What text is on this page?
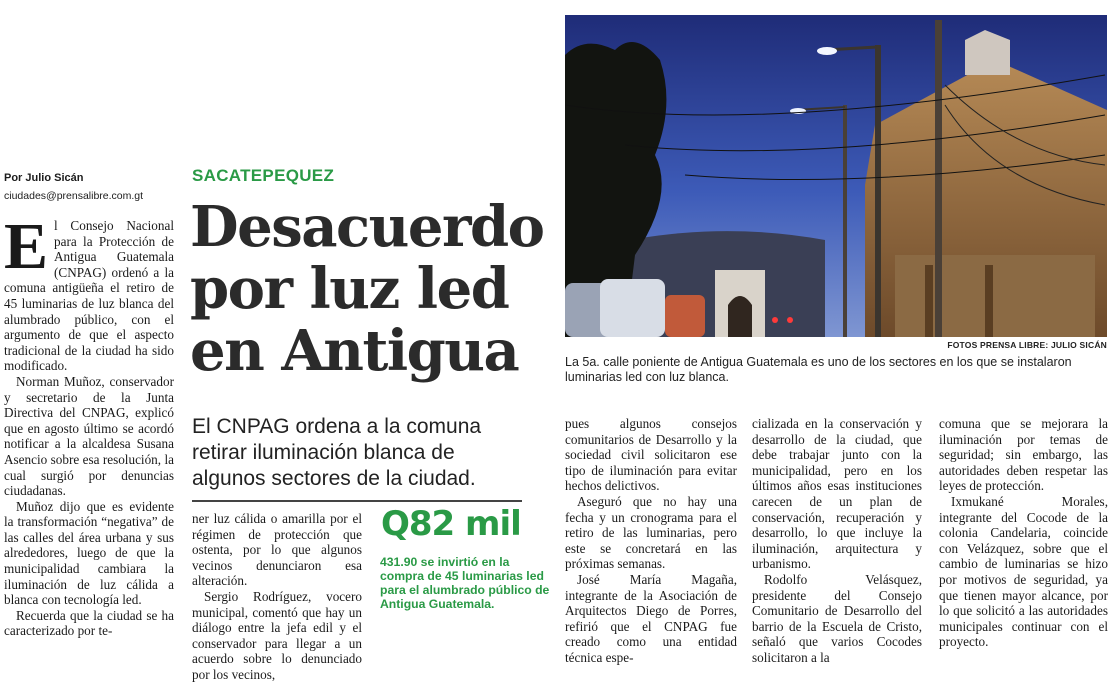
Por Julio Sicán
ciudades@prensalibre.com.gt

El Consejo Nacional para la Protección de Antigua Guatemala (CNPAG) ordenó a la comuna antigüeña el retiro de 45 luminarias de luz blanca del alumbrado público, con el argumento de que el aspecto tradicional de la ciudad ha sido modificado.

Norman Muñoz, conservador y secretario de la Junta Directiva del CNPAG, explicó que en agosto último se acordó notificar a la alcaldesa Susana Asencio sobre esa resolución, la cual surgió por denuncias ciudadanas.

Muñoz dijo que es evidente la transformación “negativa” de las calles del área urbana y sus alrededores, luego de que la municipalidad cambiara la iluminación de luz cálida a blanca con tecnología led.

Recuerda que la ciudad se ha caracterizado por te-

SACATEPEQUEZ
Desacuerdo
por luz led
en Antigua
El CNPAG ordena a la comuna retirar iluminación blanca de algunos sectores de la ciudad.

ner luz cálida o amarilla por el régimen de protección que ostenta, por lo que algunos vecinos denunciaron esa alteración.

Sergio Rodríguez, vocero municipal, comentó que hay un diálogo entre la jefa edil y el conservador para llegar a un acuerdo sobre lo denunciado por los vecinos,

Q82 mil
431.90 se invirtió en la compra de 45 luminarias led para el alumbrado público de Antigua Guatemala.
FOTOS PRENSA LIBRE: JULIO SICÁN
La 5a. calle poniente de Antigua Guatemala es uno de los sectores en los que se instalaron luminarias led con luz blanca.

pues algunos consejos comunitarios de Desarrollo y la sociedad civil solicitaron ese tipo de iluminación para evitar hechos delictivos.

Aseguró que no hay una fecha y un cronograma para el retiro de las luminarias, pero este se concretará en las próximas semanas.

José María Magaña, integrante de la Asociación de Arquitectos Diego de Porres, refirió que el CNPAG fue creado como una entidad técnica espe-

cializada en la conservación y desarrollo de la ciudad, que debe trabajar junto con la municipalidad, pero en los últimos años esas instituciones carecen de un plan de conservación, recuperación y desarrollo, lo que incluye la iluminación, arquitectura y urbanismo.

Rodolfo Velásquez, presidente del Consejo Comunitario de Desarrollo del barrio de la Escuela de Cristo, señaló que varios Cocodes solicitaron a la

comuna que se mejorara la iluminación por temas de seguridad; sin embargo, las autoridades deben respetar las leyes de protección.

Ixmukané Morales, integrante del Cocode de la colonia Candelaria, coincide con Velázquez, sobre que el cambio de luminarias se hizo por motivos de seguridad, ya que tienen mayor alcance, por lo que solicitó a las autoridades municipales continuar con el proyecto.
